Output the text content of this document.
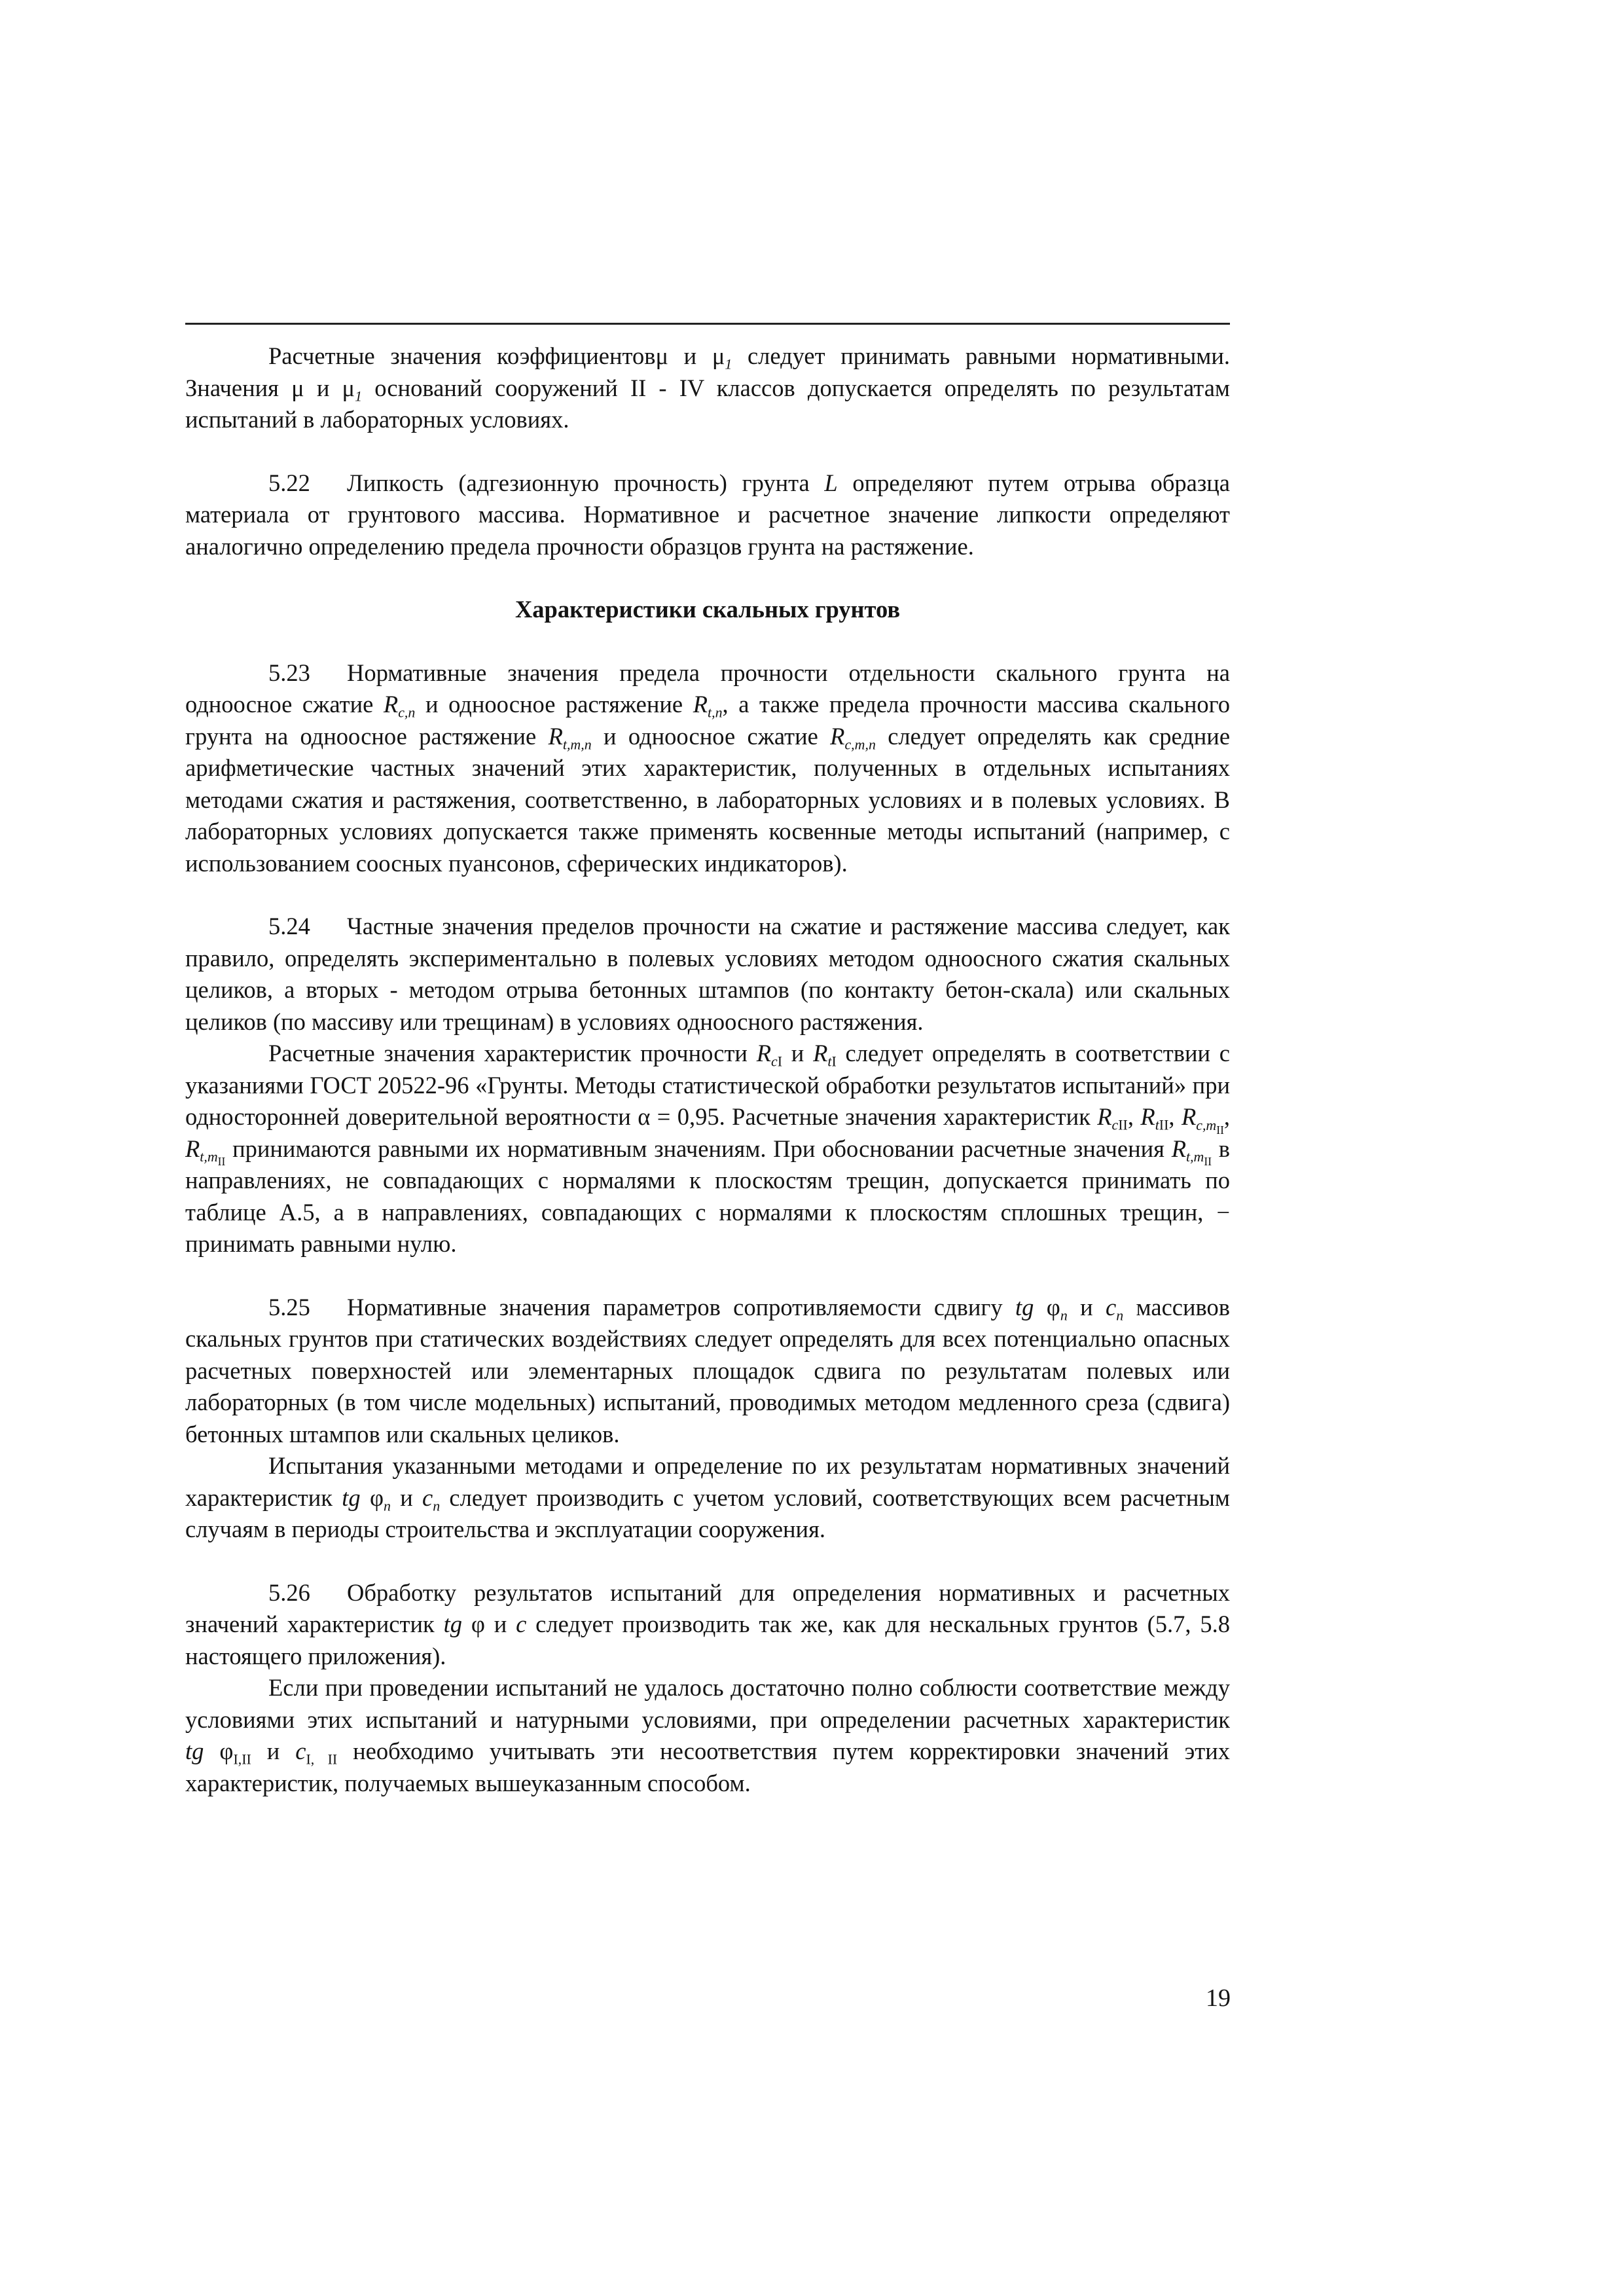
Расчетные значения коэффициентовμ и $\mu_1$ следует принимать равными нормативными. Значения μ и $\mu_1$ оснований сооружений II - IV классов допускается определять по результатам испытаний в лабораторных условиях.

5.22 Липкость (адгезионную прочность) грунта L определяют путем отрыва образца материала от грунтового массива. Нормативное и расчетное значение липкости определяют аналогично определению предела прочности образцов грунта на растяжение.

Характеристики скальных грунтов

5.23 Нормативные значения предела прочности отдельности скального грунта на одноосное сжатие $R_{c,n}$ и одноосное растяжение $R_{t,n}$, а также предела прочности массива скального грунта на одноосное растяжение $R_{t,m,n}$ и одноосное сжатие $R_{c,m,n}$ следует определять как средние арифметические частных значений этих характеристик, полученных в отдельных испытаниях методами сжатия и растяжения, соответственно, в лабораторных условиях и в полевых условиях. В лабораторных условиях допускается также применять косвенные методы испытаний (например, с использованием соосных пуансонов, сферических индикаторов).

5.24 Частные значения пределов прочности на сжатие и растяжение массива следует, как правило, определять экспериментально в полевых условиях методом одноосного сжатия скальных целиков, а вторых - методом отрыва бетонных штампов (по контакту бетон-скала) или скальных целиков (по массиву или трещинам) в условиях одноосного растяжения.

Расчетные значения характеристик прочности $R_{cI}$ и $R_{tI}$ следует определять в соответствии с указаниями ГОСТ 20522-96 «Грунты. Методы статистической обработки результатов испытаний» при односторонней доверительной вероятности α = 0,95. Расчетные значения характеристик $R_{cII}$, $R_{tII}$, $R_{c,m_{II}}$, $R_{t,m_{II}}$ принимаются равными их нормативным значениям. При обосновании расчетные значения $R_{t,m_{II}}$ в направлениях, не совпадающих с нормалями к плоскостям трещин, допускается принимать по таблице А.5, а в направлениях, совпадающих с нормалями к плоскостям сплошных трещин, − принимать равными нулю.

5.25 Нормативные значения параметров сопротивляемости сдвигу tg $\varphi_n$ и $c_n$ массивов скальных грунтов при статических воздействиях следует определять для всех потенциально опасных расчетных поверхностей или элементарных площадок сдвига по результатам полевых или лабораторных (в том числе модельных) испытаний, проводимых методом медленного среза (сдвига) бетонных штампов или скальных целиков.

Испытания указанными методами и определение по их результатам нормативных значений характеристик tg $\varphi_n$ и $c_n$ следует производить с учетом условий, соответствующих всем расчетным случаям в периоды строительства и эксплуатации сооружения.

5.26 Обработку результатов испытаний для определения нормативных и расчетных значений характеристик tg φ и c следует производить так же, как для нескальных грунтов (5.7, 5.8 настоящего приложения).

Если при проведении испытаний не удалось достаточно полно соблюсти соответствие между условиями этих испытаний и натурными условиями, при определении расчетных характеристик tg $\varphi_{I,II}$ и $c_{I, II}$ необходимо учитывать эти несоответствия путем корректировки значений этих характеристик, получаемых вышеуказанным способом.

19
